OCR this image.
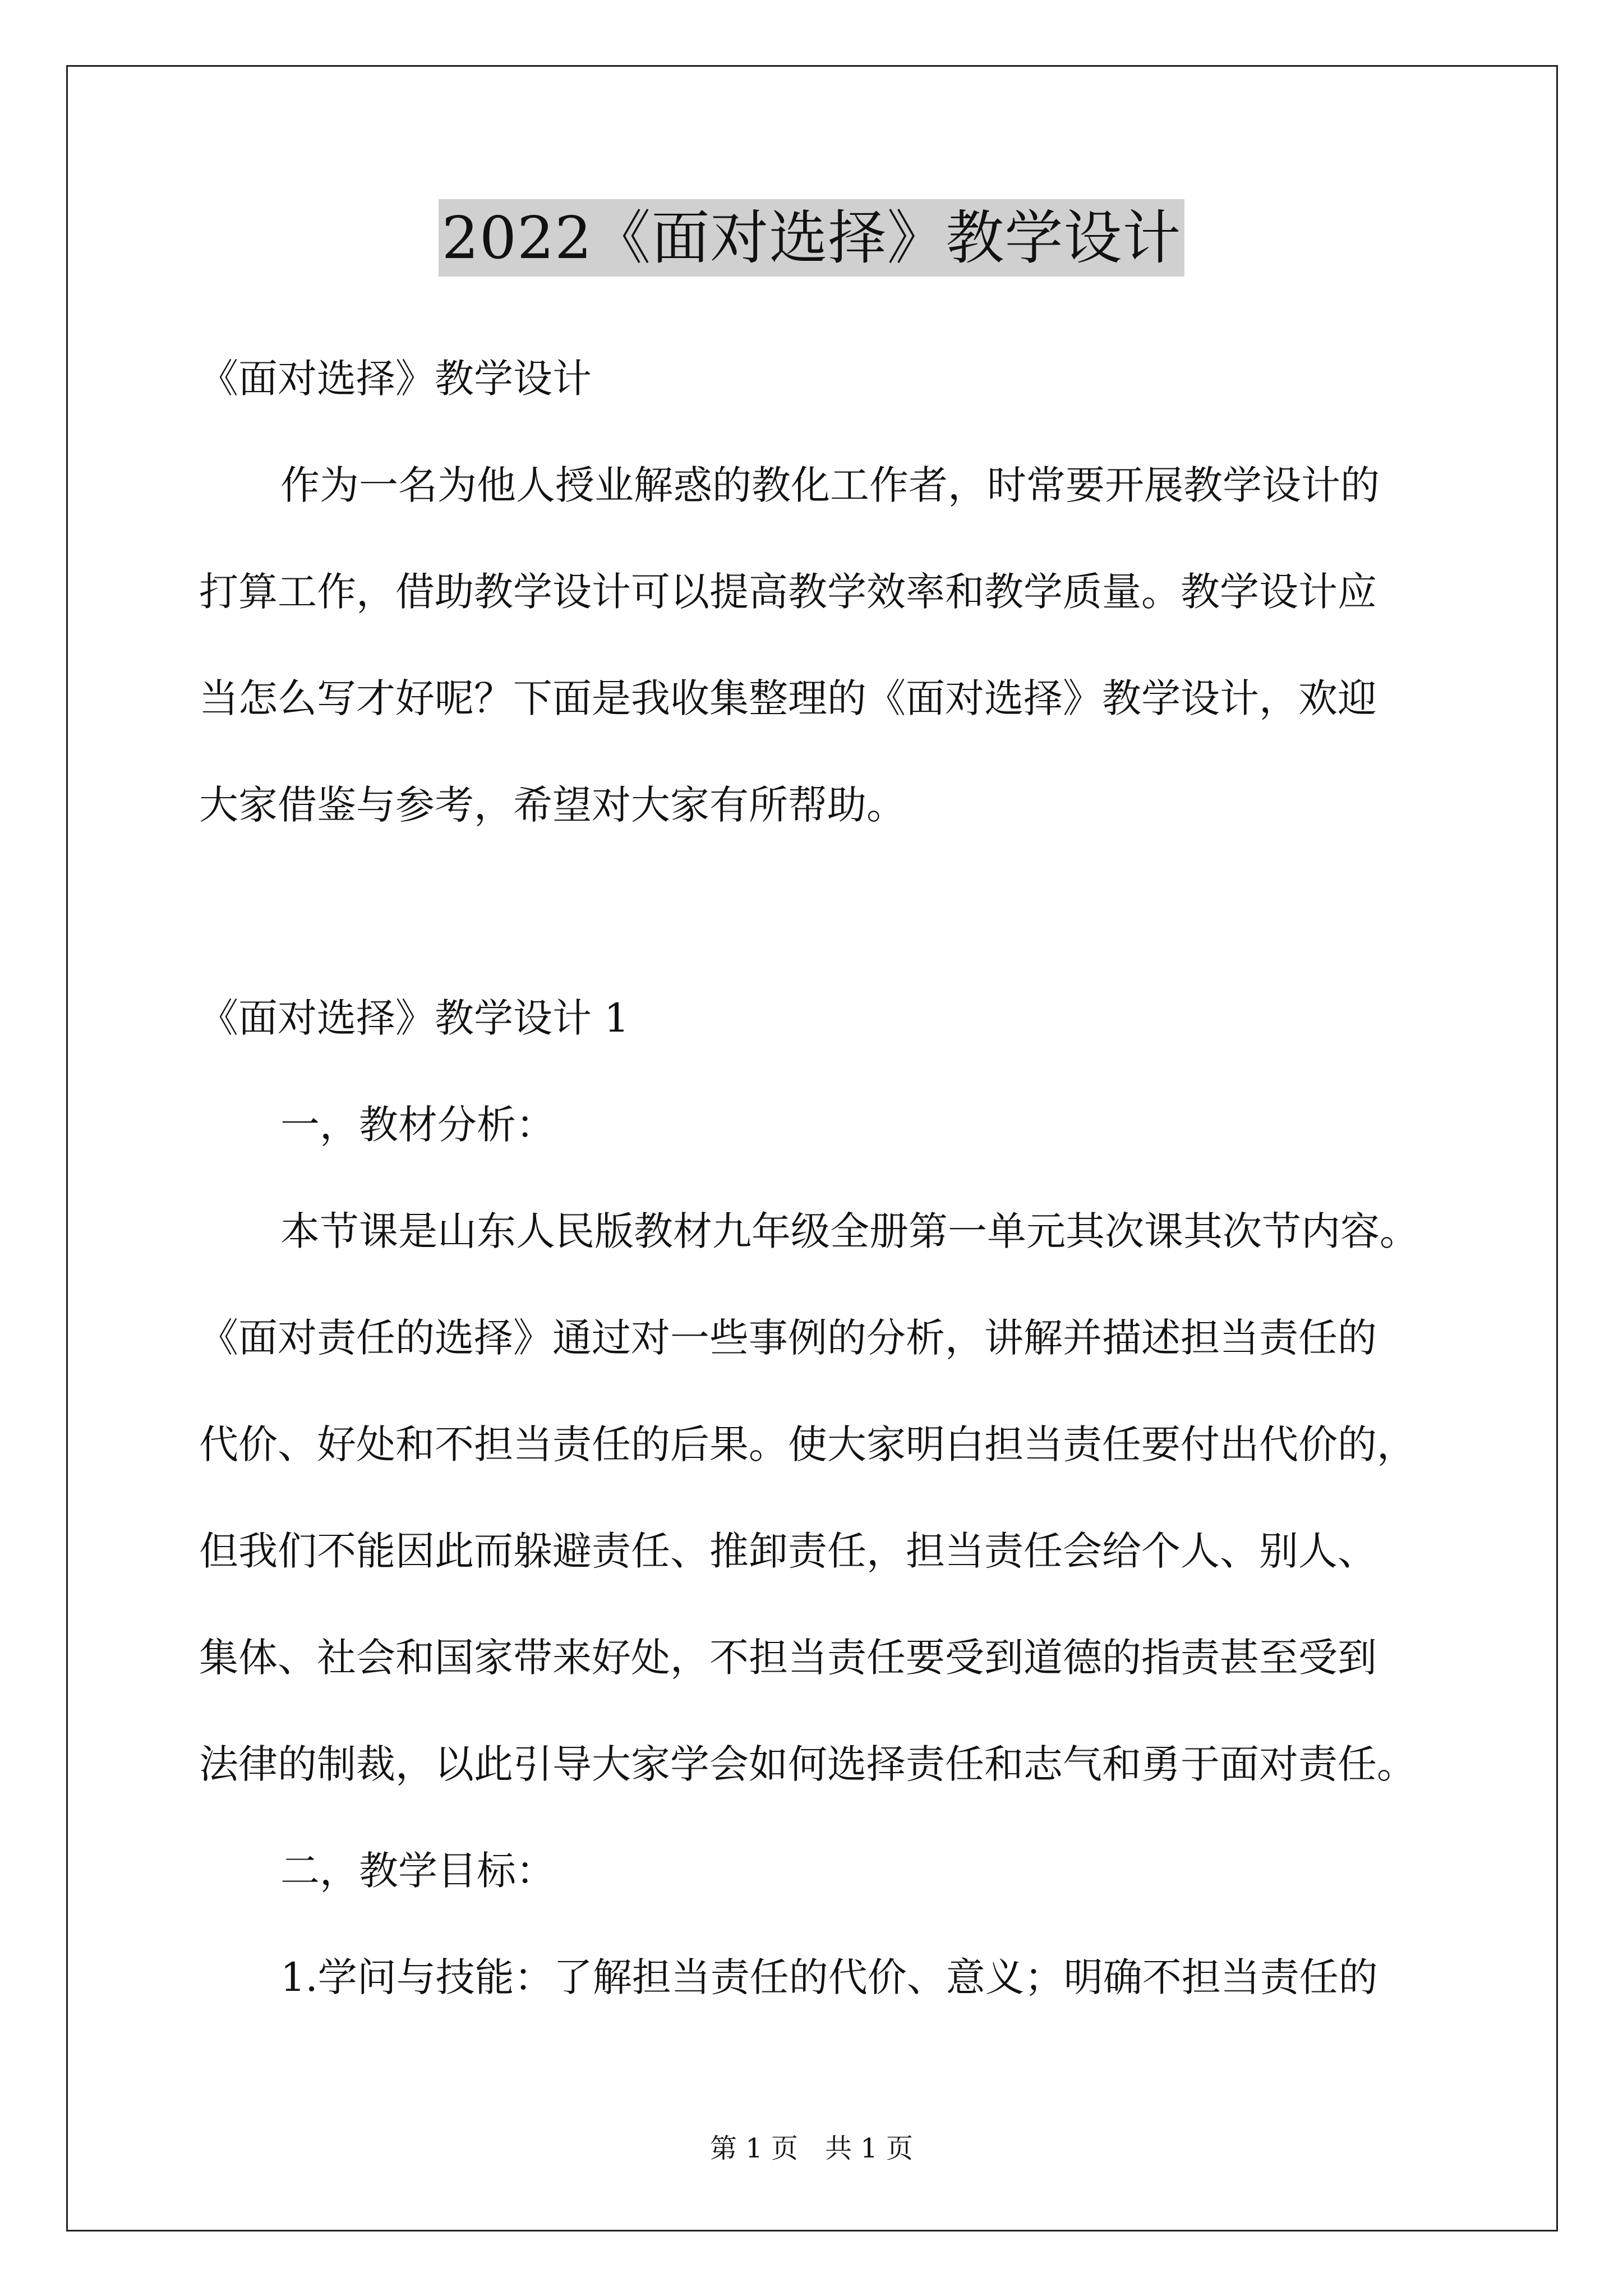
2022《面对选择》教学设计
《面对选择》教学设计
作为一名为他人授业解惑的教化工作者，时常要开展教学设计的
打算工作，借助教学设计可以提高教学效率和教学质量。教学设计应
当怎么写才好呢？下面是我收集整理的《面对选择》教学设计，欢迎
大家借鉴与参考，希望对大家有所帮助。
《面对选择》教学设计 1
一，教材分析：
本节课是山东人民版教材九年级全册第一单元其次课其次节内容。
《面对责任的选择》通过对一些事例的分析，讲解并描述担当责任的
代价、好处和不担当责任的后果。使大家明白担当责任要付出代价的，
但我们不能因此而躲避责任、推卸责任，担当责任会给个人、别人、
集体、社会和国家带来好处，不担当责任要受到道德的指责甚至受到
法律的制裁，以此引导大家学会如何选择责任和志气和勇于面对责任。
二，教学目标：
1.学问与技能：了解担当责任的代价、意义；明确不担当责任的
第 1 页　共 1 页
